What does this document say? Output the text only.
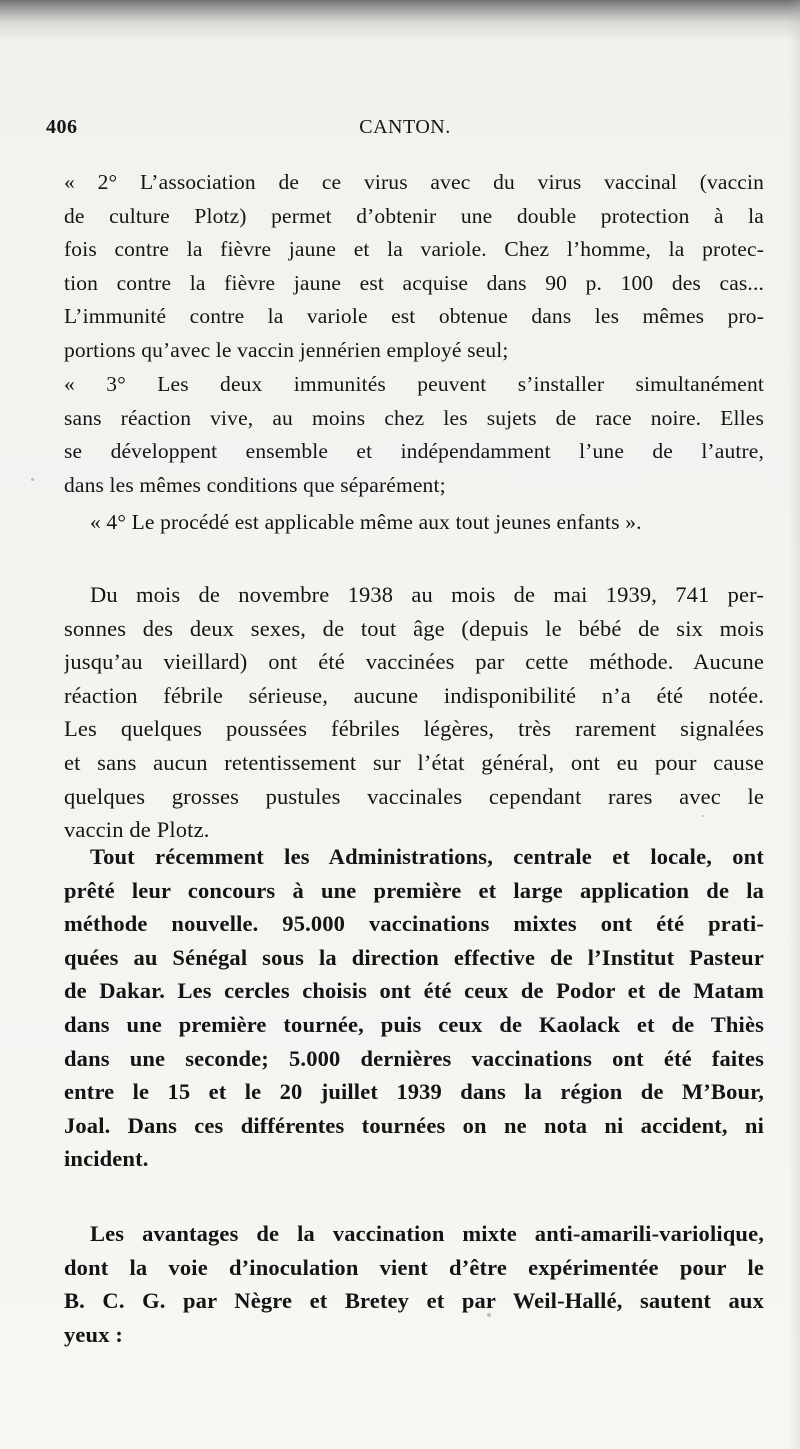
406	CANTON.

« 2° L’association de ce virus avec du virus vaccinal (vaccin
de culture Plotz) permet d’obtenir une double protection à la
fois contre la fièvre jaune et la variole. Chez l’homme, la protec-
tion contre la fièvre jaune est acquise dans 90 p. 100 des cas...
L’immunité contre la variole est obtenue dans les mêmes pro-
portions qu’avec le vaccin jennérien employé seul;

« 3° Les deux immunités peuvent s’installer simultanément
sans réaction vive, au moins chez les sujets de race noire. Elles
se développent ensemble et indépendamment l’une de l’autre,
dans les mêmes conditions que séparément;

« 4° Le procédé est applicable même aux tout jeunes enfants ».

Du mois de novembre 1938 au mois de mai 1939, 741 per-
sonnes des deux sexes, de tout âge (depuis le bébé de six mois
jusqu’au vieillard) ont été vaccinées par cette méthode. Aucune
réaction fébrile sérieuse, aucune indisponibilité n’a été notée.
Les quelques poussées fébriles légères, très rarement signalées
et sans aucun retentissement sur l’état général, ont eu pour cause
quelques grosses pustules vaccinales cependant rares avec le
vaccin de Plotz.

Tout récemment les Administrations, centrale et locale, ont
prêté leur concours à une première et large application de la
méthode nouvelle. 95.000 vaccinations mixtes ont été prati-
quées au Sénégal sous la direction effective de l’Institut Pasteur
de Dakar. Les cercles choisis ont été ceux de Podor et de Matam
dans une première tournée, puis ceux de Kaolack et de Thiès
dans une seconde; 5.000 dernières vaccinations ont été faites
entre le 15 et le 20 juillet 1939 dans la région de M’Bour,
Joal. Dans ces différentes tournées on ne nota ni accident, ni
incident.

Les avantages de la vaccination mixte anti-amarili-variolique,
dont la voie d’inoculation vient d’être expérimentée pour le
B. C. G. par Nègre et Bretey et par Weil-Hallé, sautent aux
yeux :
